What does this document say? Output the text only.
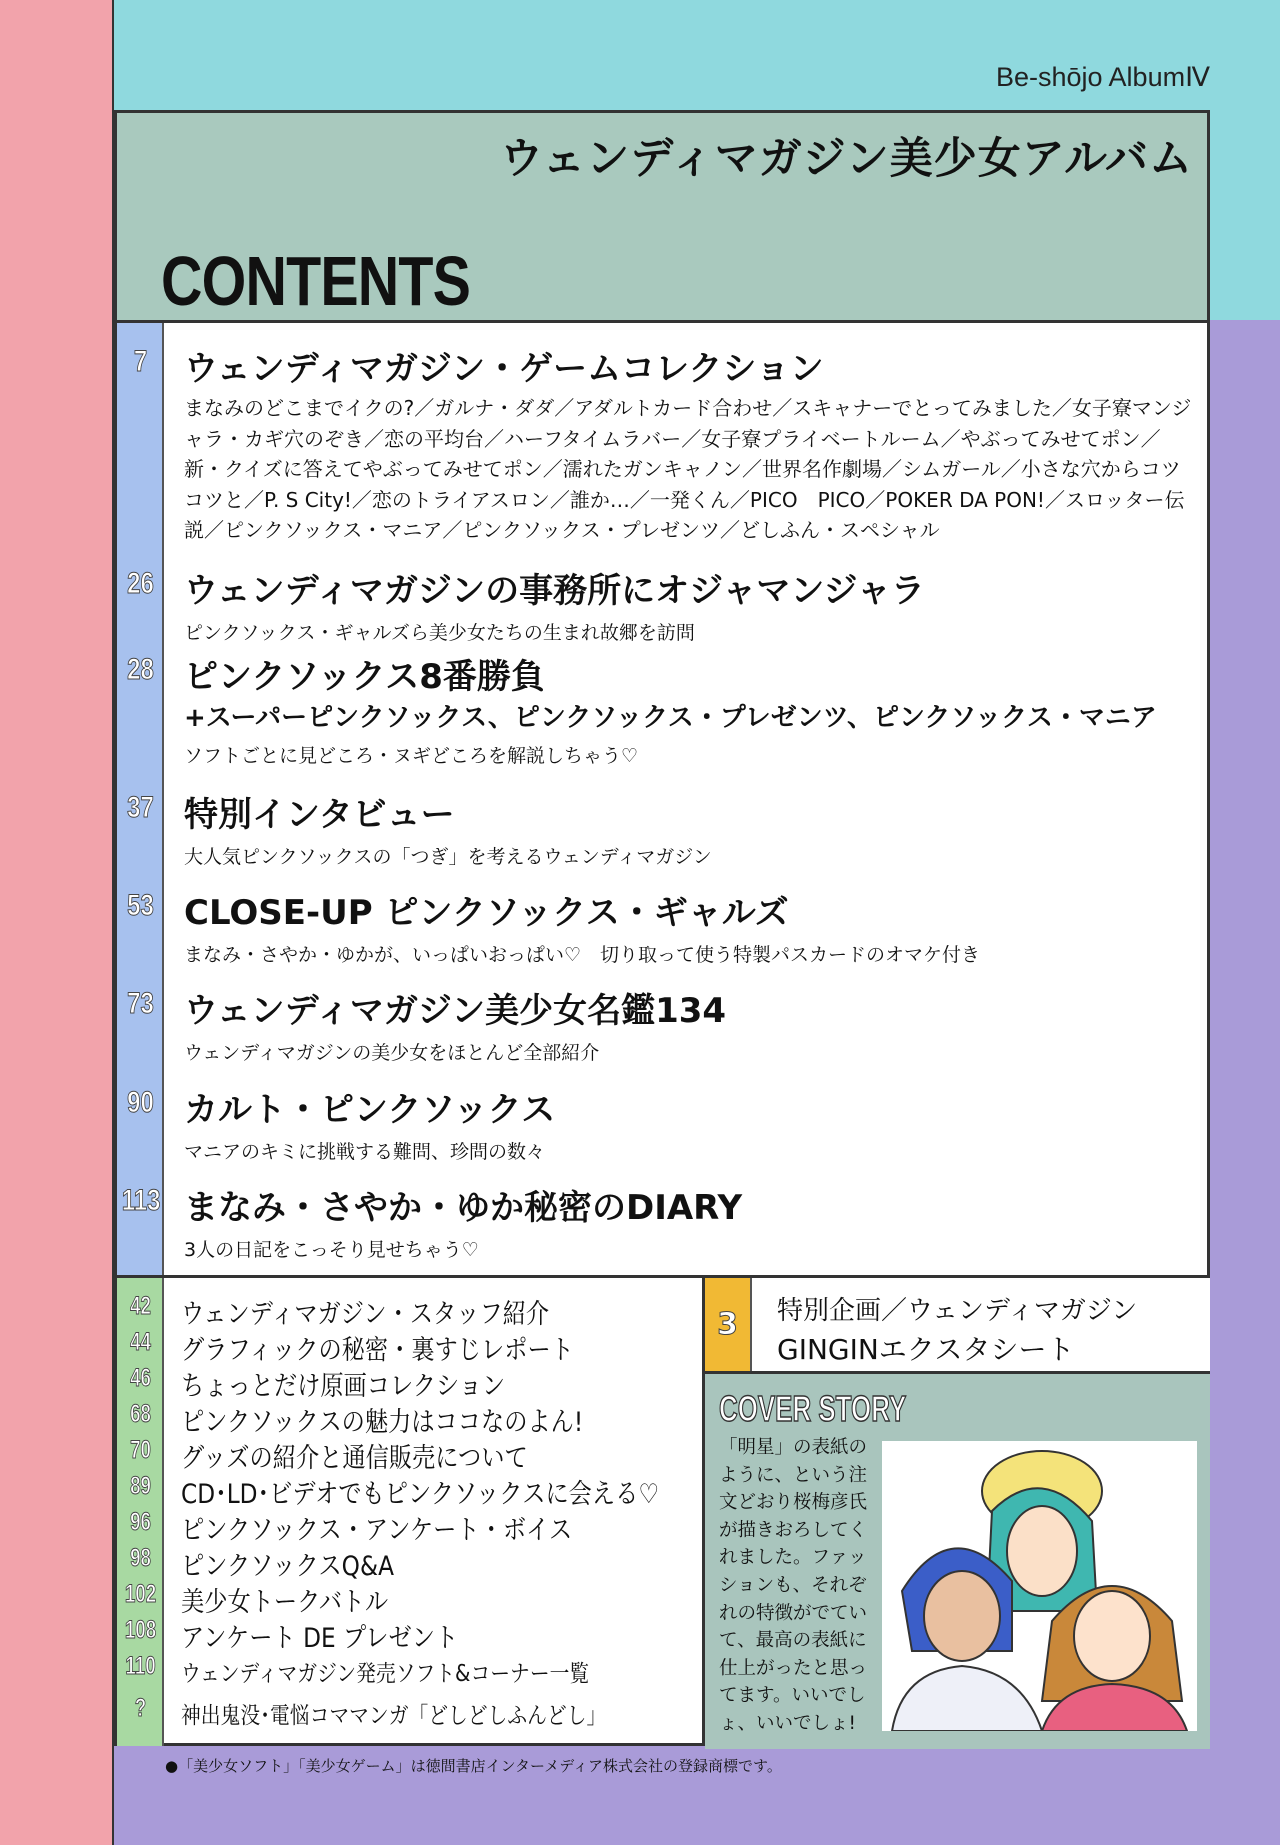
Be-shōjo AlbumⅣ
ウェンディマガジン美少女アルバム
CONTENTS
7	ウェンディマガジン・ゲームコレクション
まなみのどこまでイクの?／ガルナ・ダダ／アダルトカード合わせ／スキャナーでとってみました／女子寮マンジャラ・カギ穴のぞき／恋の平均台／ハーフタイムラバー／女子寮プライベートルーム／やぶってみせてポン／新・クイズに答えてやぶってみせてポン／濡れたガンキャノン／世界名作劇場／シムガール／小さな穴からコツコツと／P. S City!／恋のトライアスロン／誰か…／一発くん／PICO　PICO／POKER DA PON!／スロッター伝説／ピンクソックス・マニア／ピンクソックス・プレゼンツ／どしふん・スペシャル
26 ウェンディマガジンの事務所にオジャマンジャラ
ピンクソックス・ギャルズら美少女たちの生まれ故郷を訪問
28 ピンクソックス8番勝負
+スーパーピンクソックス、ピンクソックス・プレゼンツ、ピンクソックス・マニア
ソフトごとに見どころ・ヌギどころを解説しちゃう♡
37 特別インタビュー
大人気ピンクソックスの「つぎ」を考えるウェンディマガジン
53 CLOSE-UP ピンクソックス・ギャルズ
まなみ・さやか・ゆかが、いっぱいおっぱい♡　切り取って使う特製パスカードのオマケ付き
73 ウェンディマガジン美少女名鑑134
ウェンディマガジンの美少女をほとんど全部紹介
90 カルト・ピンクソックス
マニアのキミに挑戦する難問、珍問の数々
113 まなみ・さやか・ゆか秘密のDIARY
3人の日記をこっそり見せちゃう♡
42 ウェンディマガジン・スタッフ紹介
44 グラフィックの秘密・裏すじレポート
46 ちょっとだけ原画コレクション
68 ピンクソックスの魅力はココなのよん!
70 グッズの紹介と通信販売について
89 CD･LD･ビデオでもピンクソックスに会える♡
96 ピンクソックス・アンケート・ボイス
98 ピンクソックスQ&A
102 美少女トークバトル
108 アンケート DE プレゼント
110 ウェンディマガジン発売ソフト&コーナー一覧
?	神出鬼没･電悩コママンガ「どしどしふんどし」
3	特別企画／ウェンディマガジン
GINGINエクスタシート
COVER STORY
「明星」の表紙のように、という注文どおり桜梅彦氏が描きおろしてくれました。ファッションも、それぞれの特徴がでていて、最高の表紙に仕上がったと思ってます。いいでしょ、いいでしょ!
●「美少女ソフト」「美少女ゲーム」は徳間書店インターメディア株式会社の登録商標です。
